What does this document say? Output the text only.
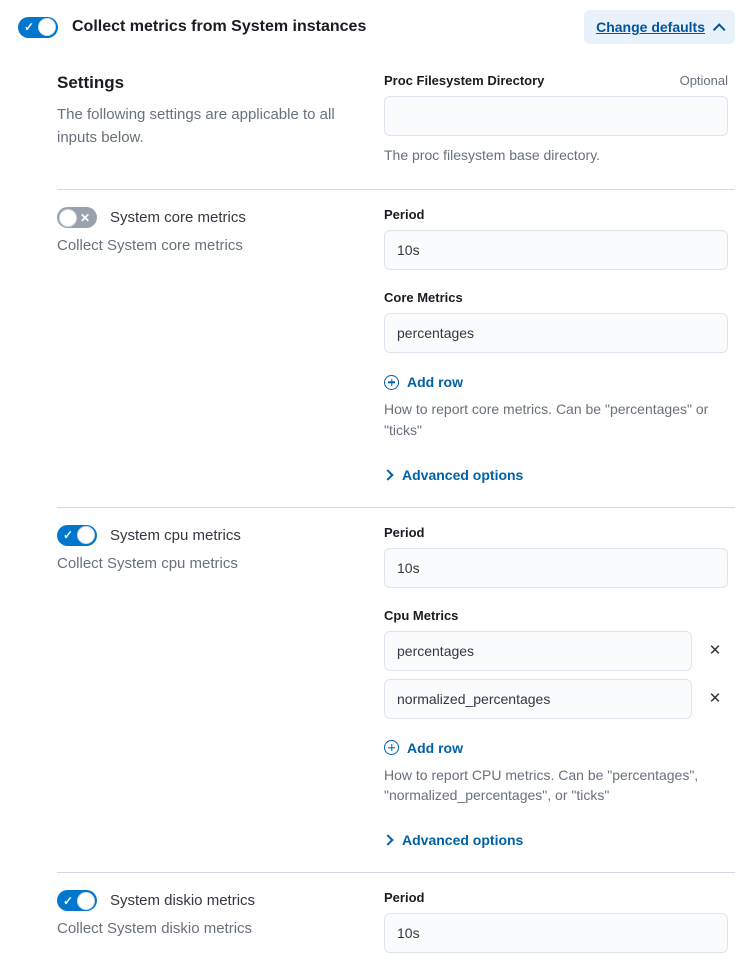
✓ Collect metrics from System instances	Change defaults
Settings
The following settings are applicable to all inputs below.
Proc Filesystem Directory	Optional
The proc filesystem base directory.
✕ System core metrics
Collect System core metrics
Period
10s
Core Metrics
percentages
Add row
How to report core metrics. Can be "percentages" or "ticks"
Advanced options
✓ System cpu metrics
Collect System cpu metrics
Period
10s
Cpu Metrics
percentages
✕
normalized_percentages
✕
Add row
How to report CPU metrics. Can be "percentages", "normalized_percentages", or "ticks"
Advanced options
✓ System diskio metrics
Collect System diskio metrics
Period
10s
